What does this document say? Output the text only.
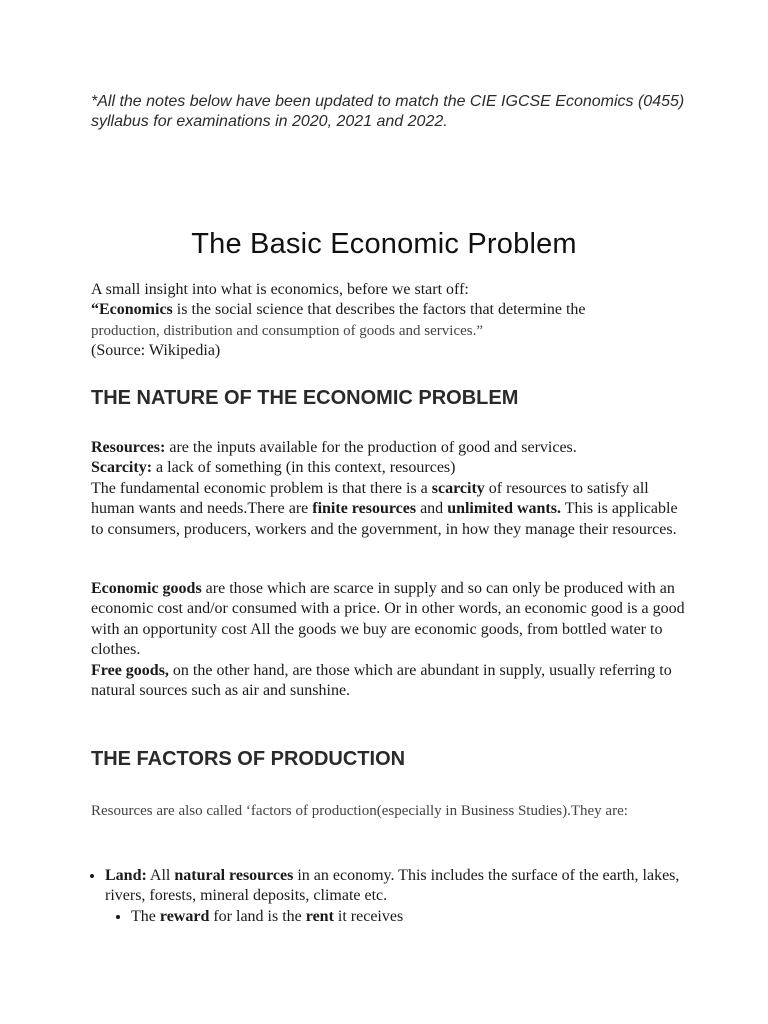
*All the notes below have been updated to match the CIE IGCSE Economics (0455) syllabus for examinations in 2020, 2021 and 2022.
The Basic Economic Problem
A small insight into what is economics, before we start off:
“Economics is the social science that describes the factors that determine the
production, distribution and consumption of goods and services.”
(Source: Wikipedia)
THE NATURE OF THE ECONOMIC PROBLEM
Resources: are the inputs available for the production of good and services.
Scarcity: a lack of something (in this context, resources)
The fundamental economic problem is that there is a scarcity of resources to satisfy all human wants and needs.There are finite resources and unlimited wants. This is applicable to consumers, producers, workers and the government, in how they manage their resources.
Economic goods are those which are scarce in supply and so can only be produced with an economic cost and/or consumed with a price. Or in other words, an economic good is a good with an opportunity cost All the goods we buy are economic goods, from bottled water to clothes.
Free goods, on the other hand, are those which are abundant in supply, usually referring to natural sources such as air and sunshine.
THE FACTORS OF PRODUCTION
Resources are also called ‘factors of production(especially in Business Studies).They are:
• Land: All natural resources in an economy. This includes the surface of the earth, lakes, rivers, forests, mineral deposits, climate etc.
• The reward for land is the rent it receives
